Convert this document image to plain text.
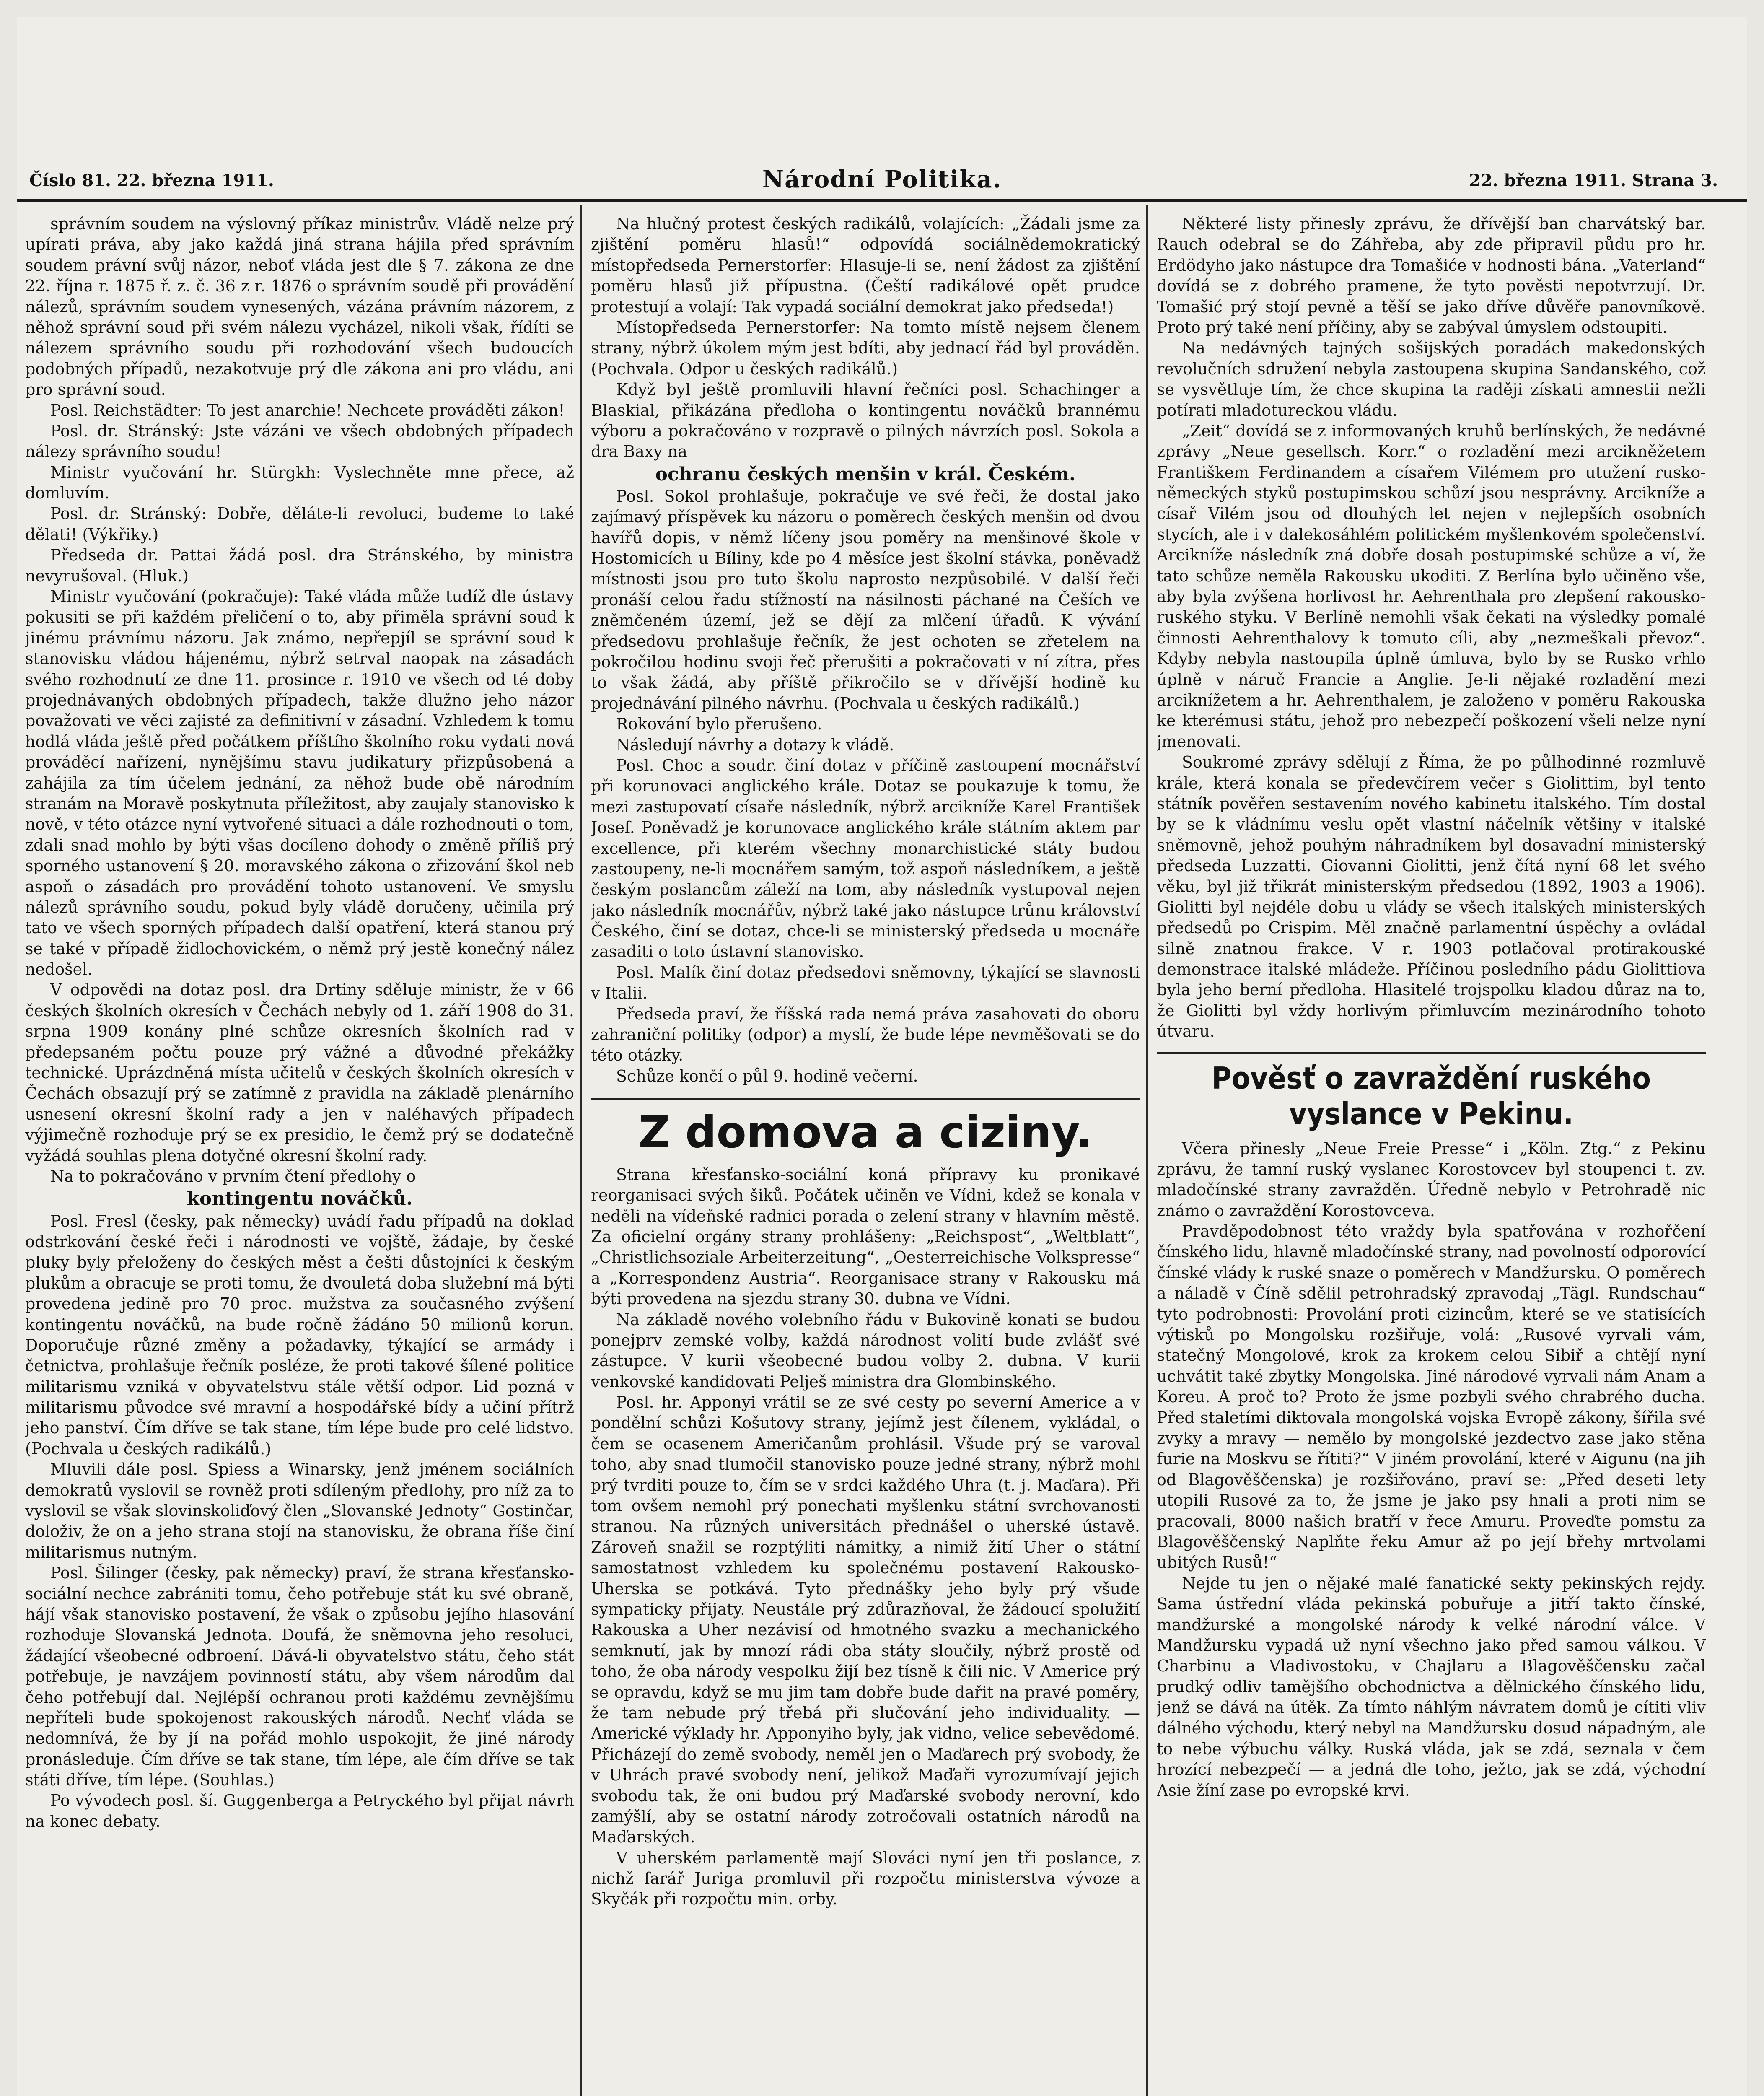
Číslo 81. 22. března 1911.	Národní Politika.	22. března 1911. Strana 3.

správním soudem na výslovný příkaz ministrův. Vládě nelze prý upírati práva, aby jako každá jiná strana hájila před správním soudem právní svůj názor, neboť vláda jest dle § 7. zákona ze dne 22. října r. 1875 ř. z. č. 36 z r. 1876 o správním soudě při provádění nálezů, správním soudem vynesených, vázána právním názorem, z něhož správní soud při svém nálezu vycházel, nikoli však, řídíti se nálezem správního soudu při rozhodování všech budoucích podobných případů, nezakotvuje prý dle zákona ani pro vládu, ani pro správní soud.

Posl. Reichstädter: To jest anarchie! Nechcete prováděti zákon!

Posl. dr. Stránský: Jste vázáni ve všech obdobných případech nálezy správního soudu!

Ministr vyučování hr. Stürgkh: Vyslechněte mne přece, až domluvím.

Posl. dr. Stránský: Dobře, děláte-li revoluci, budeme to také dělati! (Výkřiky.)

Předseda dr. Pattai žádá posl. dra Stránského, by ministra nevyrušoval. (Hluk.)

Ministr vyučování (pokračuje): Také vláda může tudíž dle ústavy pokusiti se při každém přeličení o to, aby přiměla správní soud k jinému právnímu názoru. Jak známo, nepřepjíl se správní soud k stanovisku vládou hájenému, nýbrž setrval naopak na zásadách svého rozhodnutí ze dne 11. prosince r. 1910 ve všech od té doby projednávaných obdobných případech, takže dlužno jeho názor považovati ve věci zajisté za definitivní v zásadní. Vzhledem k tomu hodlá vláda ještě před počátkem příštího školního roku vydati nová prováděcí nařízení, nynějšímu stavu judikatury přizpůsobená a zahájila za tím účelem jednání, za něhož bude obě národním stranám na Moravě poskytnuta příležitost, aby zaujaly stanovisko k nově, v této otázce nyní vytvořené situaci a dále rozhodnouti o tom, zdali snad mohlo by býti všas docíleno dohody o změně příliš prý sporného ustanovení § 20. moravského zákona o zřizování škol neb aspoň o zásadách pro provádění tohoto ustanovení. Ve smyslu nálezů správního soudu, pokud byly vládě doručeny, učinila prý tato ve všech sporných případech další opatření, která stanou prý se také v případě židlochovickém, o němž prý jestě konečný nález nedošel.

V odpovědi na dotaz posl. dra Drtiny sděluje ministr, že v 66 českých školních okresích v Čechách nebyly od 1. září 1908 do 31. srpna 1909 konány plné schůze okresních školních rad v předepsaném počtu pouze prý vážné a důvodné překážky technické. Uprázdněná místa učitelů v českých školních okresích v Čechách obsazují prý se zatímně z pravidla na základě plenárního usnesení okresní školní rady a jen v naléhavých případech výjimečně rozhoduje prý se ex presidio, le čemž prý se dodatečně vyžádá souhlas plena dotyčné okresní školní rady.

Na to pokračováno v prvním čtení předlohy o

kontingentu nováčků.

Posl. Fresl (česky, pak německy) uvádí řadu případů na doklad odstrkování české řeči i národnosti ve vojště, žádaje, by české pluky byly přeloženy do českých měst a češti důstojníci k českým plukům a obracuje se proti tomu, že dvouletá doba služební má býti provedena jedině pro 70 proc. mužstva za současného zvýšení kontingentu nováčků, na bude ročně žádáno 50 milionů korun. Doporučuje různé změny a požadavky, týkající se armády i četnictva, prohlašuje řečník posléze, že proti takové šílené politice militarismu vzniká v obyvatelstvu stále větší odpor. Lid pozná v militarismu původce své mravní a hospodářské bídy a učiní přítrž jeho panství. Čím dříve se tak stane, tím lépe bude pro celé lidstvo. (Pochvala u českých radikálů.)

Mluvili dále posl. Spiess a Winarsky, jenž jménem sociálních demokratů vyslovil se rovněž proti sdíleným předlohy, pro níž za to vyslovil se však slovinskoliďový člen „Slovanské Jednoty“ Gostinčar, doloživ, že on a jeho strana stojí na stanovisku, že obrana říše činí militarismus nutným.

Posl. Šilinger (česky, pak německy) praví, že strana křesťansko-sociální nechce zabrániti tomu, čeho potřebuje stát ku své obraně, hájí však stanovisko postavení, že však o způsobu jejího hlasování rozhoduje Slovanská Jednota. Doufá, že sněmovna jeho resoluci, žádající všeobecné odbroení. Dává-li obyvatelstvo státu, čeho stát potřebuje, je navzájem povinností státu, aby všem národům dal čeho potřebují dal. Nejlépší ochranou proti každému zevnějšímu nepříteli bude spokojenost rakouských národů. Nechť vláda se nedomnívá, že by jí na pořád mohlo uspokojit, že jiné národy pronásleduje. Čím dříve se tak stane, tím lépe, ale čím dříve se tak státi dříve, tím lépe. (Souhlas.)

Po vývodech posl. ší. Guggenberga a Petryckého byl přijat návrh na konec debaty.

Na hlučný protest českých radikálů, volajících: „Žádali jsme za zjištění poměru hlasů!“ odpovídá sociálnědemokratický místopředseda Pernerstorfer: Hlasuje-li se, není žádost za zjištění poměru hlasů již přípustna. (Čeští radikálové opět prudce protestují a volají: Tak vypadá sociální demokrat jako předseda!)

Místopředseda Pernerstorfer: Na tomto místě nejsem členem strany, nýbrž úkolem mým jest bdíti, aby jednací řád byl prováděn. (Pochvala. Odpor u českých radikálů.)

Když byl ještě promluvili hlavní řečníci posl. Schachinger a Blaskial, přikázána předloha o kontingentu nováčků brannému výboru a pokračováno v rozpravě o pilných návrzích posl. Sokola a dra Baxy na

ochranu českých menšin v král. Českém.

Posl. Sokol prohlašuje, pokračuje ve své řeči, že dostal jako zajímavý příspěvek ku názoru o poměrech českých menšin od dvou havířů dopis, v němž líčeny jsou poměry na menšinové škole v Hostomicích u Bíliny, kde po 4 měsíce jest školní stávka, poněvadž místnosti jsou pro tuto školu naprosto nezpůsobilé. V další řeči pronáší celou řadu stížností na násilnosti páchané na Češích ve zněmčeném území, jež se dějí za mlčení úřadů. K vývání předsedovu prohlašuje řečník, že jest ochoten se zřetelem na pokročilou hodinu svoji řeč přerušiti a pokračovati v ní zítra, přes to však žádá, aby příště přikročilo se v dřívější hodině ku projednávání pilného návrhu. (Pochvala u českých radikálů.)

Rokování bylo přerušeno.

Následují návrhy a dotazy k vládě.

Posl. Choc a soudr. činí dotaz v příčině zastoupení mocnářství při korunovaci anglického krále. Dotaz se poukazuje k tomu, že mezi zastupovatí císaře následník, nýbrž arcikníže Karel František Josef. Poněvadž je korunovace anglického krále státním aktem par excellence, při kterém všechny monarchistické státy budou zastoupeny, ne-li mocnářem samým, tož aspoň následníkem, a ještě českým poslancům záleží na tom, aby následník vystupoval nejen jako následník mocnářův, nýbrž také jako nástupce trůnu království Českého, činí se dotaz, chce-li se ministerský předseda u mocnáře zasaditi o toto ústavní stanovisko.

Posl. Malík činí dotaz předsedovi sněmovny, týkající se slavnosti v Italii.

Předseda praví, že říšská rada nemá práva zasahovati do oboru zahraniční politiky (odpor) a myslí, že bude lépe nevměšovati se do této otázky.

Schůze končí o půl 9. hodině večerní.

Z domova a ciziny.

Strana křesťansko-sociální koná přípravy ku pronikavé reorganisaci svých šiků. Počátek učiněn ve Vídni, kdež se konala v neděli na vídeňské radnici porada o zelení strany v hlavním městě. Za oficielní orgány strany prohlášeny: „Reichspost“, „Weltblatt“, „Christlichsoziale Arbeiterzeitung“, „Oesterreichische Volkspresse“ a „Korrespondenz Austria“. Reorganisace strany v Rakousku má býti provedena na sjezdu strany 30. dubna ve Vídni.

Na základě nového volebního řádu v Bukovině konati se budou ponejprv zemské volby, každá národnost volití bude zvlášť své zástupce. V kurii všeobecné budou volby 2. dubna. V kurii venkovské kandidovati Pelješ ministra dra Glombinského.

Posl. hr. Apponyi vrátil se ze své cesty po severní Americe a v pondělní schůzi Košutovy strany, jejímž jest čílenem, vykládal, o čem se ocasenem Američanům prohlásil. Všude prý se varoval toho, aby snad tlumočil stanovisko pouze jedné strany, nýbrž mohl prý tvrditi pouze to, čím se v srdci každého Uhra (t. j. Maďara). Při tom ovšem nemohl prý ponechati myšlenku státní svrchovanosti stranou. Na různých universitách přednášel o uherské ústavě. Zároveň snažil se rozptýliti námitky, a nimiž žití Uher o státní samostatnost vzhledem ku společnému postavení Rakousko-Uherska se potkává. Tyto přednášky jeho byly prý všude sympaticky přijaty. Neustále prý zdůrazňoval, že žádoucí spolužití Rakouska a Uher nezávisí od hmotného svazku a mechanického semknutí, jak by mnozí rádi oba státy sloučily, nýbrž prostě od toho, že oba národy vespolku žijí bez tísně k čili nic. V Americe prý se opravdu, když se mu jim tam dobře bude dařit na pravé poměry, že tam nebude prý třebá při slučování jeho individuality. — Americké výklady hr. Apponyiho byly, jak vidno, velice sebevědomé. Přicházejí do země svobody, neměl jen o Maďarech prý svobody, že v Uhrách pravé svobody není, jelikož Maďaři vyrozumívají jejich svobodu tak, že oni budou prý Maďarské svobody nerovní, kdo zamýšlí, aby se ostatní národy zotročovali ostatních národů na Maďarských.

V uherském parlamentě mají Slováci nyní jen tři poslance, z nichž farář Juriga promluvil při rozpočtu ministerstva vývoze a Skyčák při rozpočtu min. orby.

Některé listy přinesly zprávu, že dřívější ban charvátský bar. Rauch odebral se do Záhřeba, aby zde připravil půdu pro hr. Erdödyho jako nástupce dra Tomašiće v hodnosti bána. „Vaterland“ dovídá se z dobrého pramene, že tyto pověsti nepotvrzují. Dr. Tomašić prý stojí pevně a těší se jako dříve důvěře panovníkově. Proto prý také není příčiny, aby se zabýval úmyslem odstoupiti.

Na nedávných tajných sošijských poradách makedonských revolučních sdružení nebyla zastoupena skupina Sandanského, což se vysvětluje tím, že chce skupina ta raději získati amnestii nežli potírati mladotureckou vládu.

„Zeit“ dovídá se z informovaných kruhů berlínských, že nedávné zprávy „Neue gesellsch. Korr.“ o rozladění mezi arcikněžetem Františkem Ferdinandem a císařem Vilémem pro utužení rusko-německých styků postupimskou schůzí jsou nesprávny. Arcikníže a císař Vilém jsou od dlouhých let nejen v nejlepších osobních stycích, ale i v dalekosáhlém politickém myšlenkovém společenství. Arcikníže následník zná dobře dosah postupimské schůze a ví, že tato schůze neměla Rakousku ukoditi. Z Berlína bylo učiněno vše, aby byla zvýšena horlivost hr. Aehrenthala pro zlepšení rakousko-ruského styku. V Berlíně nemohli však čekati na výsledky pomalé činnosti Aehrenthalovy k tomuto cíli, aby „nezmeškali převoz“. Kdyby nebyla nastoupila úplně úmluva, bylo by se Rusko vrhlo úplně v náruč Francie a Anglie. Je-li nějaké rozladění mezi arciknížetem a hr. Aehrenthalem, je založeno v poměru Rakouska ke kterémusi státu, jehož pro nebezpečí poškození všeli nelze nyní jmenovati.

Soukromé zprávy sdělují z Říma, že po půlhodinné rozmluvě krále, která konala se předevčírem večer s Giolittim, byl tento státník pověřen sestavením nového kabinetu italského. Tím dostal by se k vládnímu veslu opět vlastní náčelník většiny v italské sněmovně, jehož pouhým náhradníkem byl dosavadní ministerský předseda Luzzatti. Giovanni Giolitti, jenž čítá nyní 68 let svého věku, byl již třikrát ministerským předsedou (1892, 1903 a 1906). Giolitti byl nejdéle dobu u vlády se všech italských ministerských předsedů po Crispim. Měl značně parlamentní úspěchy a ovládal silně znatnou frakce. V r. 1903 potlačoval protirakouské demonstrace italské mládeže. Příčinou posledního pádu Giolittiova byla jeho berní předloha. Hlasitelé trojspolku kladou důraz na to, že Giolitti byl vždy horlivým přimluvcím mezinárodního tohoto útvaru.

Pověsť o zavraždění ruského vyslance v Pekinu.

Včera přinesly „Neue Freie Presse“ i „Köln. Ztg.“ z Pekinu zprávu, že tamní ruský vyslanec Korostovcev byl stoupenci t. zv. mladočínské strany zavražděn. Úředně nebylo v Petrohradě nic známo o zavraždění Korostovceva.

Pravděpodobnost této vraždy byla spatřována v rozhořčení čínského lidu, hlavně mladočínské strany, nad povolností odporovící čínské vlády k ruské snaze o poměrech v Mandžursku. O poměrech a náladě v Číně sdělil petrohradský zpravodaj „Tägl. Rundschau“ tyto podrobnosti: Provolání proti cizincům, které se ve statisících výtisků po Mongolsku rozšiřuje, volá: „Rusové vyrvali vám, statečný Mongolové, krok za krokem celou Sibiř a chtějí nyní uchvátit také zbytky Mongolska. Jiné národové vyrvali nám Anam a Koreu. A proč to? Proto že jsme pozbyli svého chrabrého ducha. Před staletími diktovala mongolská vojska Evropě zákony, šířila své zvyky a mravy — nemělo by mongolské jezdectvo zase jako stěna furie na Moskvu se řítiti?“ V jiném provolání, které v Aigunu (na jih od Blagověščenska) je rozšiřováno, praví se: „Před deseti lety utopili Rusové za to, že jsme je jako psy hnali a proti nim se pracovali, 8000 našich bratří v řece Amuru. Proveďte pomstu za Blagověščenský Naplňte řeku Amur až po její břehy mrtvolami ubitých Rusů!“

Nejde tu jen o nějaké malé fanatické sekty pekinských rejdy. Sama ústřední vláda pekinská pobuřuje a jitří takto čínské, mandžurské a mongolské národy k velké národní válce. V Mandžursku vypadá už nyní všechno jako před samou válkou. V Charbinu a Vladivostoku, v Chajlaru a Blagověščensku začal prudký odliv tamějšího obchodnictva a dělnického čínského lidu, jenž se dává na útěk. Za tímto náhlým návratem domů je cítiti vliv dálného východu, který nebyl na Mandžursku dosud nápadným, ale to nebe výbuchu války. Ruská vláda, jak se zdá, seznala v čem hrozící nebezpečí — a jedná dle toho, ježto, jak se zdá, východní Asie žíní zase po evropské krvi.
